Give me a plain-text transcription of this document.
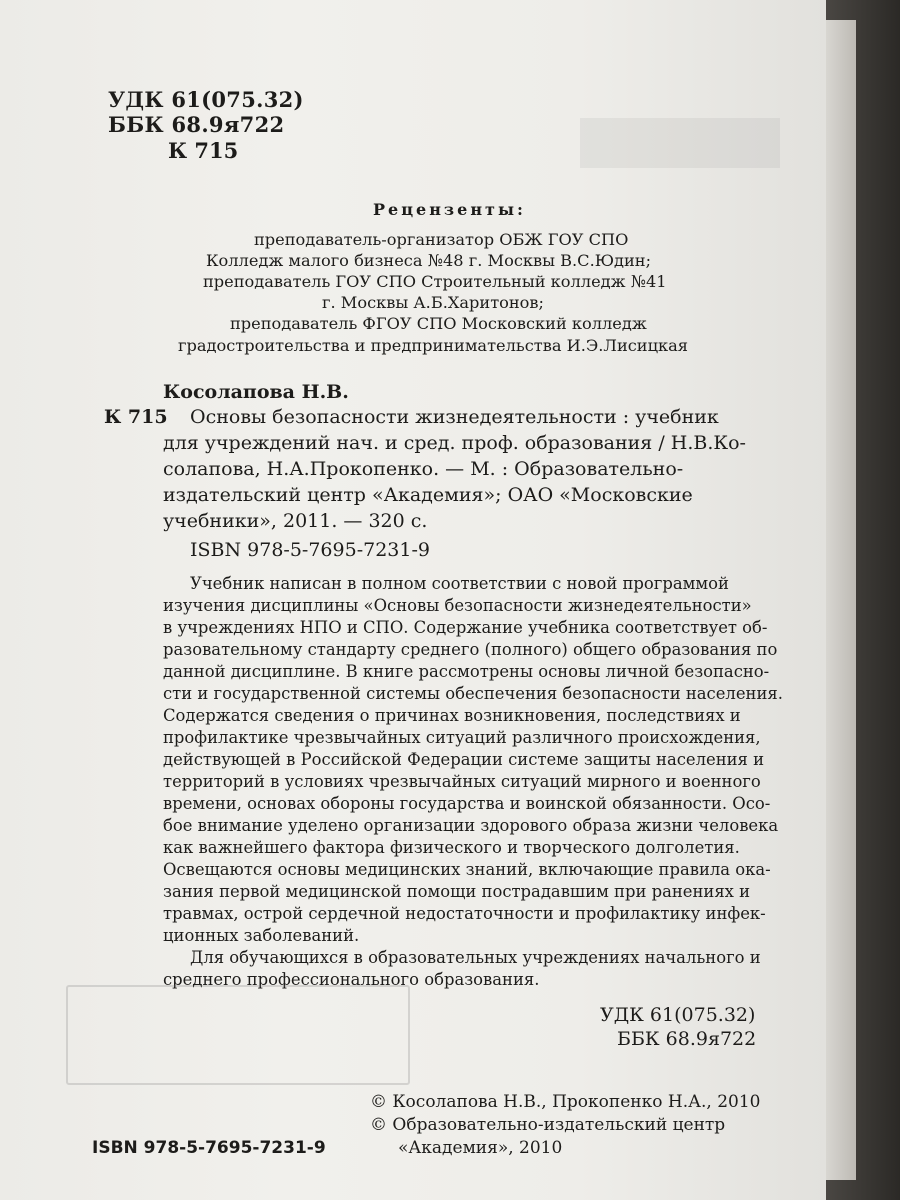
УДК 61(075.32)
ББК 68.9я722
К 715
Рецензенты:
преподаватель-организатор ОБЖ ГОУ СПО
Колледж малого бизнеса №48 г. Москвы В.С.Юдин;
преподаватель ГОУ СПО Строительный колледж №41
г. Москвы А.Б.Харитонов;
преподаватель ФГОУ СПО Московский колледж
градостроительства и предпринимательства И.Э.Лисицкая
Косолапова Н.В.
К 715 Основы безопасности жизнедеятельности : учебник
для учреждений нач. и сред. проф. образования / Н.В.Ко-
солапова, Н.А.Прокопенко. — М. : Образовательно-
издательский центр «Академия»; ОАО «Московские
учебники», 2011. — 320 с.
ISBN 978-5-7695-7231-9
Учебник написан в полном соответствии с новой программой
изучения дисциплины «Основы безопасности жизнедеятельности»
в учреждениях НПО и СПО. Содержание учебника соответствует об-
разовательному стандарту среднего (полного) общего образования по
данной дисциплине. В книге рассмотрены основы личной безопасно-
сти и государственной системы обеспечения безопасности населения.
Содержатся сведения о причинах возникновения, последствиях и
профилактике чрезвычайных ситуаций различного происхождения,
действующей в Российской Федерации системе защиты населения и
территорий в условиях чрезвычайных ситуаций мирного и военного
времени, основах обороны государства и воинской обязанности. Осо-
бое внимание уделено организации здорового образа жизни человека
как важнейшего фактора физического и творческого долголетия.
Освещаются основы медицинских знаний, включающие правила ока-
зания первой медицинской помощи пострадавшим при ранениях и
травмах, острой сердечной недостаточности и профилактику инфек-
ционных заболеваний.
Для обучающихся в образовательных учреждениях начального и
среднего профессионального образования.
УДК 61(075.32)
ББК 68.9я722
© Косолапова Н.В., Прокопенко Н.А., 2010
© Образовательно-издательский центр
«Академия», 2010
ISBN 978-5-7695-7231-9
